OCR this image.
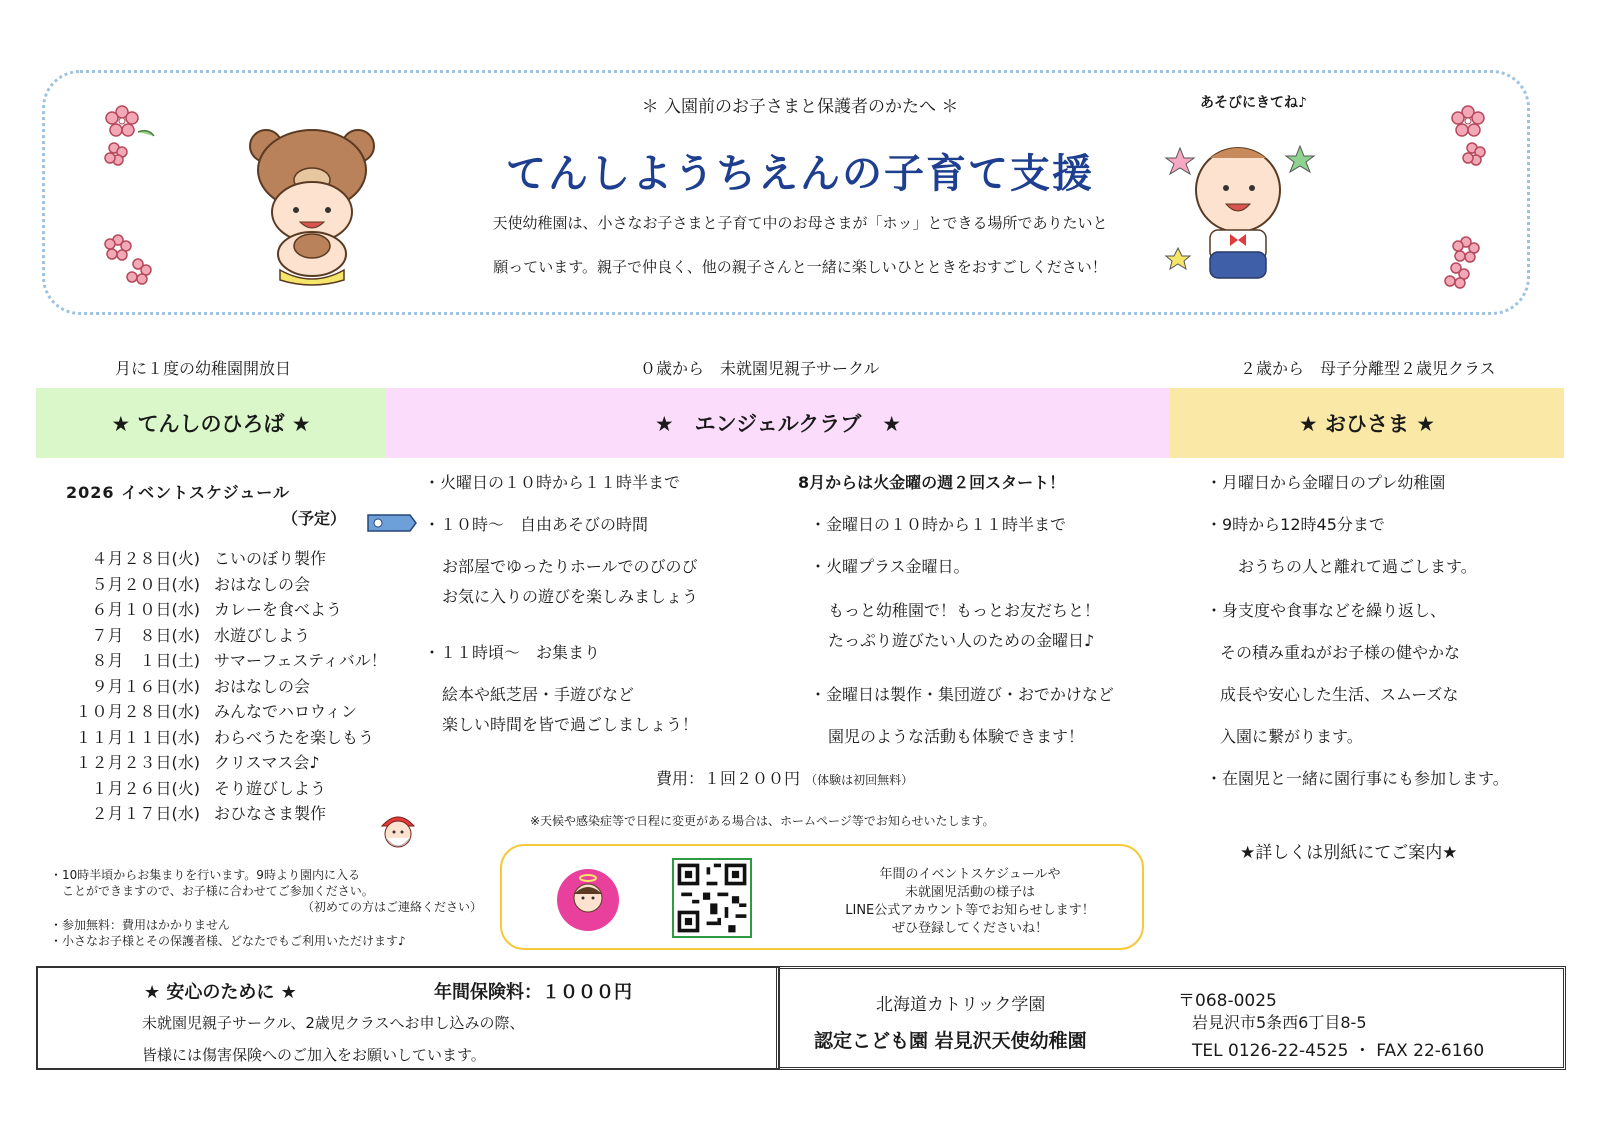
＊ 入園前のお子さまと保護者のかたへ ＊
てんしようちえんの子育て支援
天使幼稚園は、小さなお子さまと子育て中のお母さまが「ホッ」とできる場所でありたいと
願っています。親子で仲良く、他の親子さんと一緒に楽しいひとときをおすごしください！
あそびにきてね♪
月に１度の幼稚園開放日	０歳から　未就園児親子サークル	２歳から　母子分離型２歳児クラス
★ てんしのひろば ★	★　エンジェルクラブ　★	★ おひさま ★
2026 イベントスケジュール
（予定）
４月２８日(火) こいのぼり製作
５月２０日(水) おはなしの会
６月１０日(水) カレーを食べよう
７月　８日(水) 水遊びしよう
８月　１日(土) サマーフェスティバル！
９月１６日(水) おはなしの会
１０月２８日(水) みんなでハロウィン
１１月１１日(水) わらべうたを楽しもう
１２月２３日(水) クリスマス会♪
１月２６日(火) そり遊びしよう
２月１７日(水) おひなさま製作
・10時半頃からお集まりを行います。9時より園内に入る
　ことができますので、お子様に合わせてご参加ください。
（初めての方はご連絡ください）
・参加無料：費用はかかりません
・小さなお子様とその保護者様、どなたでもご利用いただけます♪
・火曜日の１０時から１１時半まで
・１０時～　自由あそびの時間
お部屋でゆったりホールでのびのび
お気に入りの遊びを楽しみましょう
・１１時頃～　お集まり
絵本や紙芝居・手遊びなど
楽しい時間を皆で過ごしましょう！
8月からは火金曜の週２回スタート！
・金曜日の１０時から１１時半まで
・火曜プラス金曜日。
もっと幼稚園で！もっとお友だちと！
たっぷり遊びたい人のための金曜日♪
・金曜日は製作・集団遊び・おでかけなど
園児のような活動も体験できます！
費用：１回２００円 （体験は初回無料）
※天候や感染症等で日程に変更がある場合は、ホームページ等でお知らせいたします。
年間のイベントスケジュールや
未就園児活動の様子は
LINE公式アカウント等でお知らせします！
ぜひ登録してくださいね！
・月曜日から金曜日のプレ幼稚園
・9時から12時45分まで
おうちの人と離れて過ごします。
・身支度や食事などを繰り返し、
その積み重ねがお子様の健やかな
成長や安心した生活、スムーズな
入園に繋がります。
・在園児と一緒に園行事にも参加します。
★詳しくは別紙にてご案内★
★ 安心のために ★	年間保険料：１０００円
未就園児親子サークル、2歳児クラスへお申し込みの際、
皆様には傷害保険へのご加入をお願いしています。
北海道カトリック学園
認定こども園 岩見沢天使幼稚園
〒068-0025
岩見沢市5条西6丁目8-5
TEL 0126-22-4525 ・ FAX 22-6160
